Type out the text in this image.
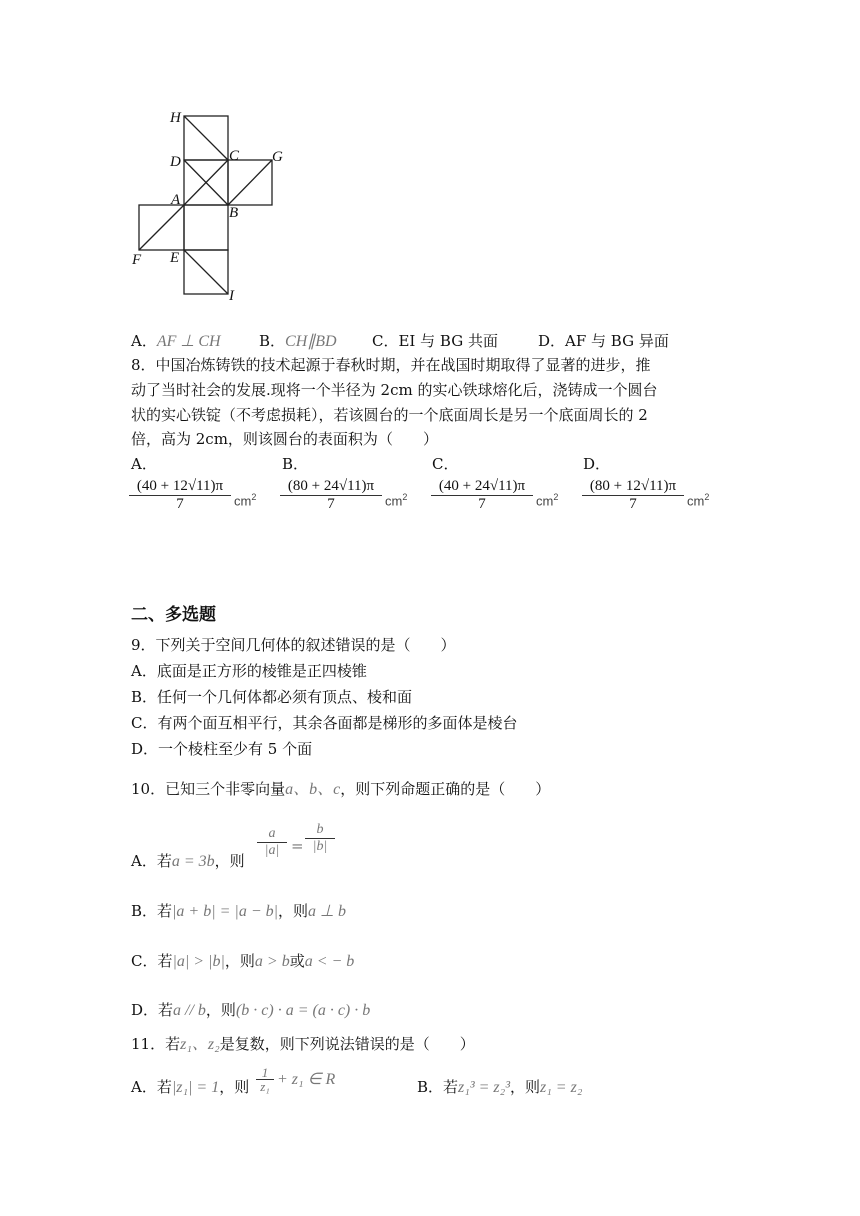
H
D	C G
A
B
F E
I
A．AF ⊥ CH	B．CH∥BD C．EI 与 BG 共面	D．AF 与 BG 异面
8．中国冶炼铸铁的技术起源于春秋时期，并在战国时期取得了显著的进步，推
动了当时社会的发展.现将一个半径为 2cm 的实心铁球熔化后，浇铸成一个圆台
状的实心铁锭（不考虑损耗），若该圆台的一个底面周长是另一个底面周长的 2
倍，高为 2cm，则该圆台的表面积为（　　）
A．	B．	C．	D．
$\frac{(40 + 12√11)\pi}{7} cm^2 \frac{(80 + 24√11)\pi}{7} cm^2 \frac{(40 + 24√11)\pi}{7} cm^2 \frac{(80 + 12√11)\pi}{7} cm^2$
二、多选题
9．下列关于空间几何体的叙述错误的是（　　）
A．底面是正方形的棱锥是正四棱锥
B．任何一个几何体都必须有顶点、棱和面
C．有两个面互相平行，其余各面都是梯形的多面体是棱台
D．一个棱柱至少有 5 个面
10．已知三个非零向量a、b、c，则下列命题正确的是（　　）
A．若a = 3b，则
$\frac{a}{|a|} = \frac{b}{|b|}$
B．若|a + b| = |a − b|，则a ⊥ b
C．若|a| > |b|，则a > b或a < − b
D．若a // b，则(b · c) · a = (a · c) · b
11．若z₁、z₂是复数，则下列说法错误的是（　　）
A．若|z₁| = 1，则 $\frac{1}{\text{z₁}} + z_1$ ∈ R	B．若z₁³ = z₂³，则z₁ = z₂
